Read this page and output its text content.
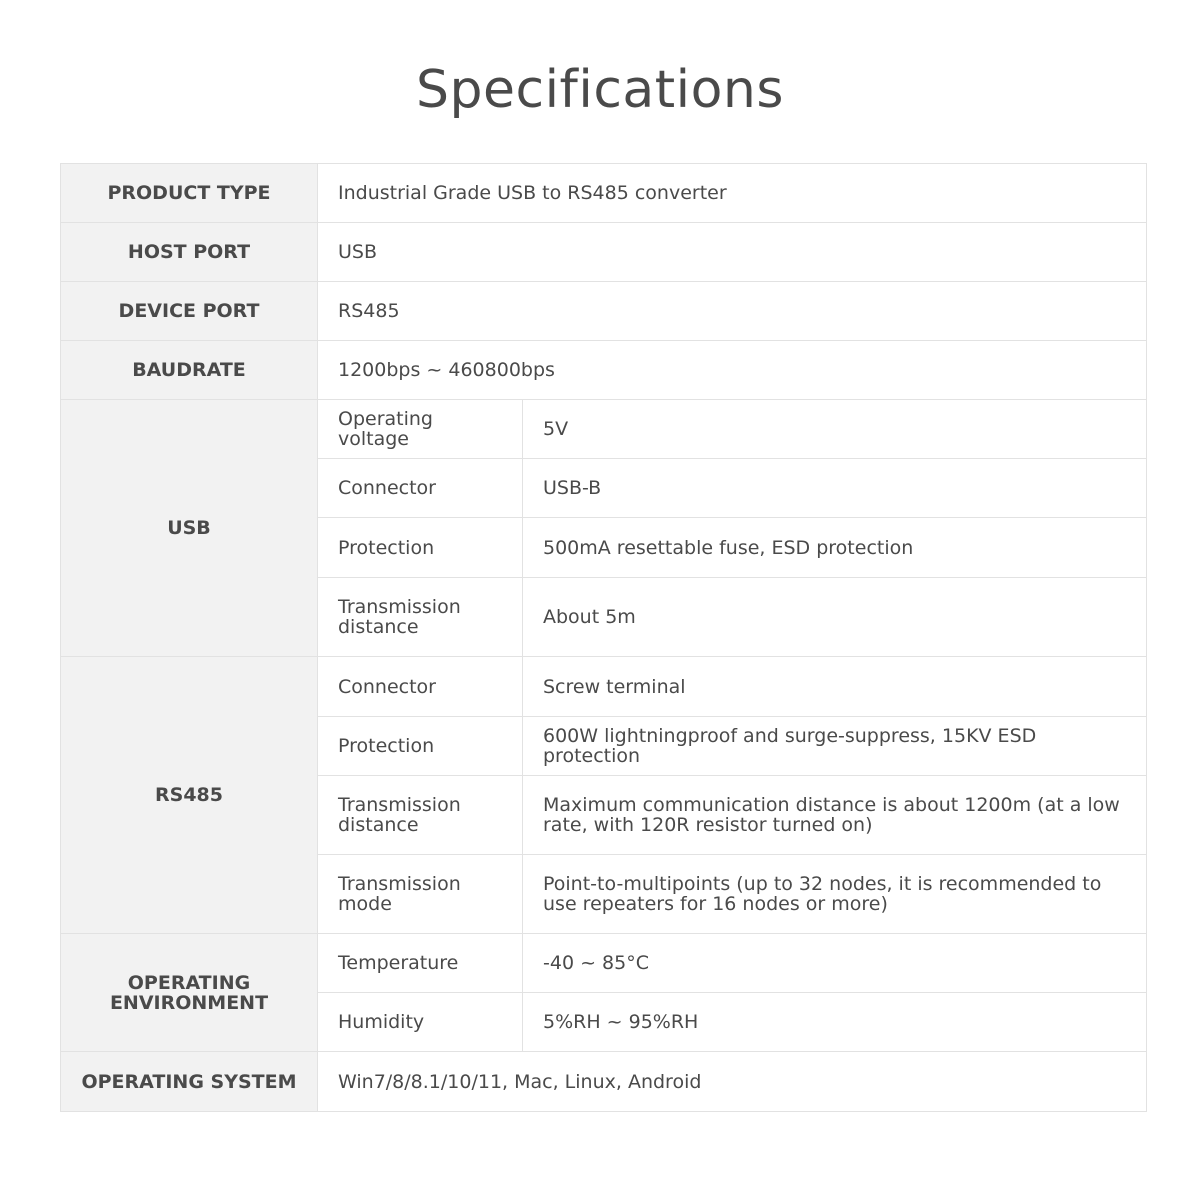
Specifications
PRODUCT TYPE	Industrial Grade USB to RS485 converter	
HOST PORT	USB	
DEVICE PORT	RS485	
BAUDRATE	1200bps ~ 460800bps	
USB	Operating voltage	5V
	Connector	USB-B
	Protection	500mA resettable fuse, ESD protection
	Transmission distance	About 5m
RS485	Connector	Screw terminal
	Protection	600W lightningproof and surge-suppress, 15KV ESD protection
	Transmission distance	Maximum communication distance is about 1200m (at a low rate, with 120R resistor turned on)
	Transmission mode	Point-to-multipoints (up to 32 nodes, it is recommended to use repeaters for 16 nodes or more)
OPERATING ENVIRONMENT	Temperature	-40 ~ 85°C
	Humidity	5%RH ~ 95%RH
OPERATING SYSTEM	Win7/8/8.1/10/11, Mac, Linux, Android	
